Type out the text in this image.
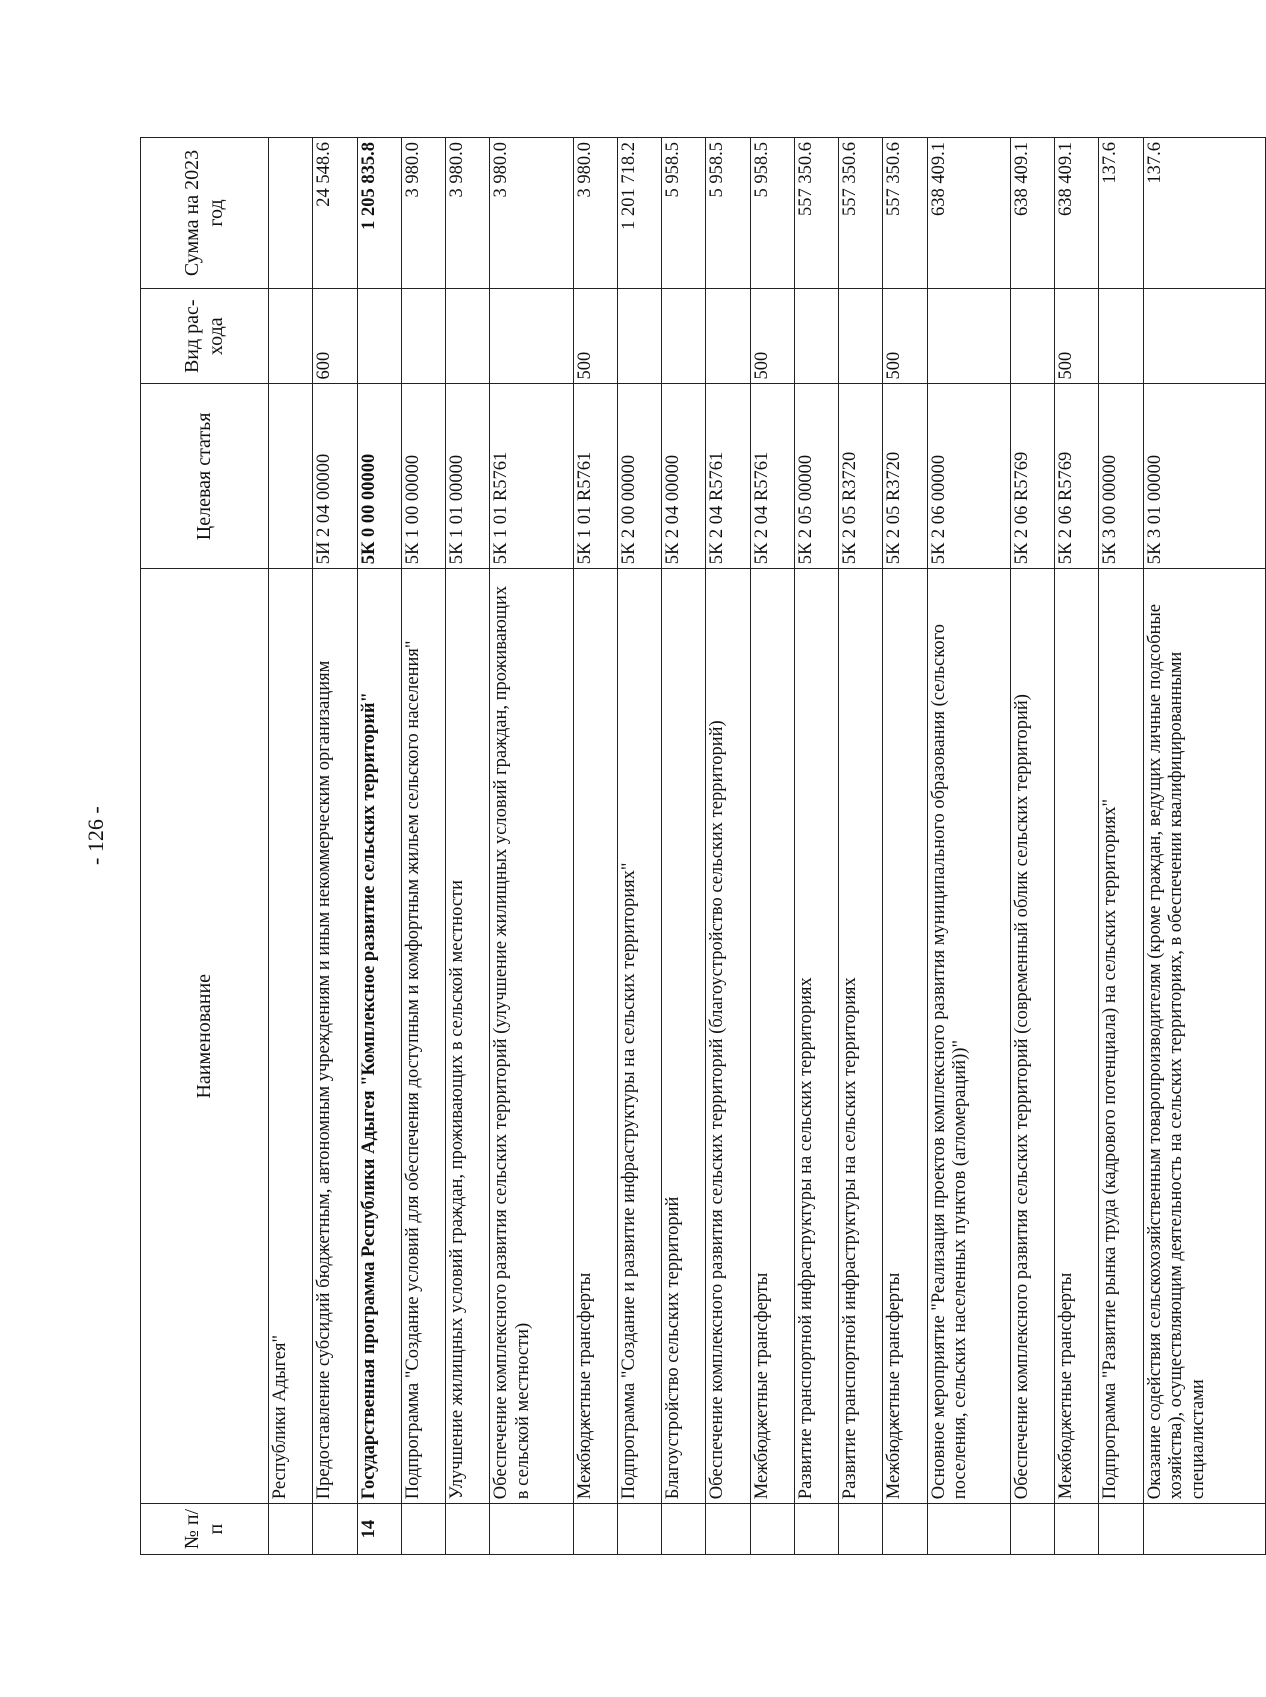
- 126 -
№ п/п	Наименование	Целевая статья	Вид рас-хода	Сумма на 2023 год
	Республики Адыгея"			
	Предоставление субсидий бюджетным, автономным учреждениям и иным некоммерческим организациям	5И 2 04 00000	600	24 548.6
14	Государственная программа Республики Адыгея "Комплексное развитие сельских территорий"	5К 0 00 00000		1 205 835.8
	Подпрограмма "Создание условий для обеспечения доступным и комфортным жильем сельского населения"	5К 1 00 00000		3 980.0
	Улучшение жилищных условий граждан, проживающих в сельской местности	5К 1 01 00000		3 980.0
	Обеспечение комплексного развития сельских территорий (улучшение жилищных условий граждан, проживающих в сельской местности)	5К 1 01 R5761		3 980.0
	Межбюджетные трансферты	5К 1 01 R5761	500	3 980.0
	Подпрограмма "Создание и развитие инфраструктуры на сельских территориях"	5К 2 00 00000		1 201 718.2
	Благоустройство сельских территорий	5К 2 04 00000		5 958.5
	Обеспечение комплексного развития сельских территорий (благоустройство сельских территорий)	5К 2 04 R5761		5 958.5
	Межбюджетные трансферты	5К 2 04 R5761	500	5 958.5
	Развитие транспортной инфраструктуры на сельских территориях	5К 2 05 00000		557 350.6
	Развитие транспортной инфраструктуры на сельских территориях	5К 2 05 R3720		557 350.6
	Межбюджетные трансферты	5К 2 05 R3720	500	557 350.6
	Основное мероприятие "Реализация проектов комплексного развития муниципального образования (сельского поселения, сельских населенных пунктов (агломераций))"	5К 2 06 00000		638 409.1
	Обеспечение комплексного развития сельских территорий (современный облик сельских территорий)	5К 2 06 R5769		638 409.1
	Межбюджетные трансферты	5К 2 06 R5769	500	638 409.1
	Подпрограмма "Развитие рынка труда (кадрового потенциала) на сельских территориях"	5К 3 00 00000		137.6
	Оказание содействия сельскохозяйственным товаропроизводителям (кроме граждан, ведущих личные подсобные хозяйства), осуществляющим деятельность на сельских территориях, в обеспечении квалифицированными специалистами	5К 3 01 00000		137.6
